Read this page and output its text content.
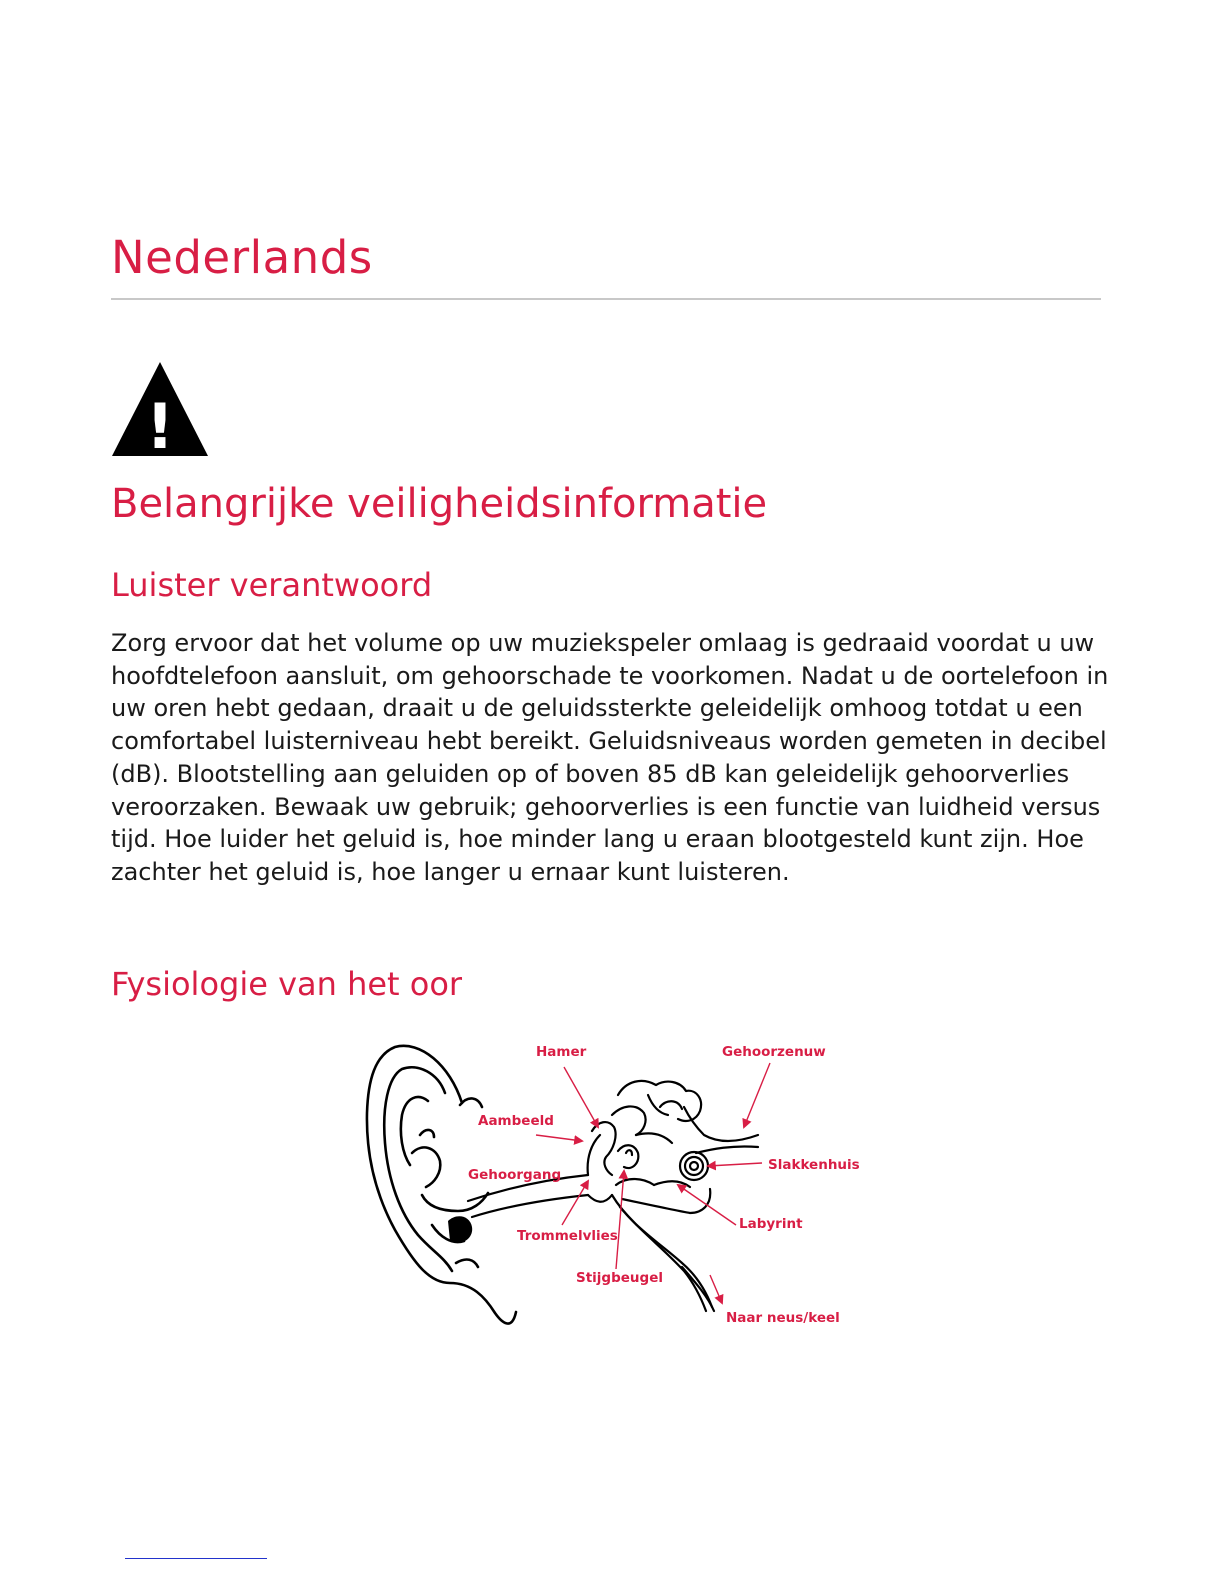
Nederlands
!
Belangrijke veiligheidsinformatie
Luister verantwoord

Zorg ervoor dat het volume op uw muziekspeler omlaag is gedraaid voordat u uw hoofdtelefoon aansluit, om gehoorschade te voorkomen. Nadat u de oortelefoon in uw oren hebt gedaan, draait u de geluidssterkte geleidelijk omhoog totdat u een comfortabel luisterniveau hebt bereikt. Geluidsniveaus worden gemeten in decibel (dB). Blootstelling aan geluiden op of boven 85 dB kan geleidelijk gehoorverlies veroorzaken. Bewaak uw gebruik; gehoorverlies is een functie van luidheid versus tijd. Hoe luider het geluid is, hoe minder lang u eraan blootgesteld kunt zijn. Hoe zachter het geluid is, hoe langer u ernaar kunt luisteren.

Fysiologie van het oor
Hamer	Gehoorzenuw
Aambeeld
Gehoorgang
Slakkenhuis
Labyrint
Trommelvlies
Stijgbeugel
Naar neus/keel
